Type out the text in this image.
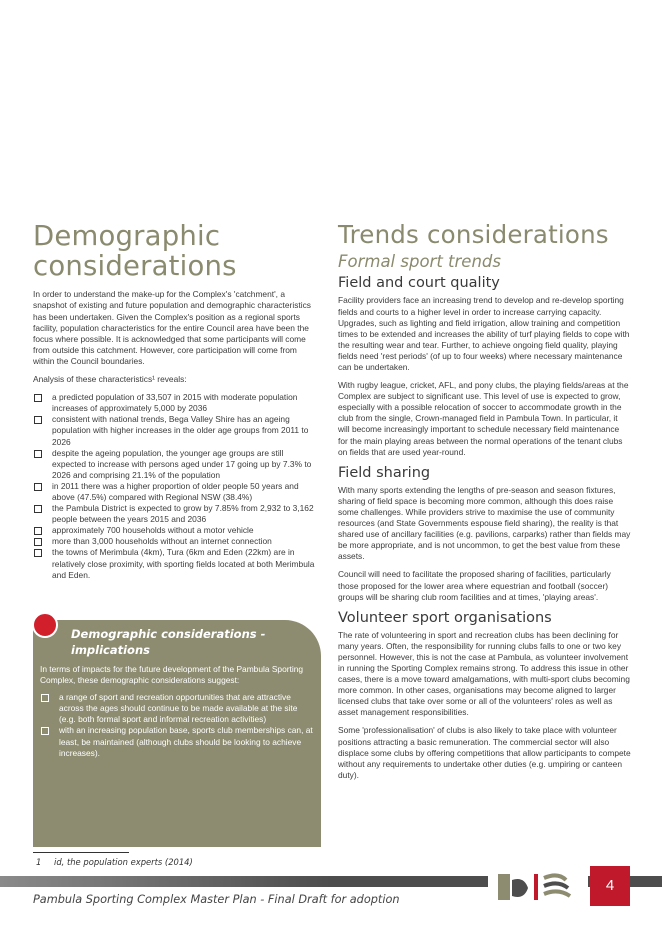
Demographic
considerations

In order to understand the make-up for the Complex's 'catchment', a snapshot of existing and future population and demographic characteristics has been undertaken. Given the Complex's position as a regional sports facility, population characteristics for the entire Council area have been the focus where possible. It is acknowledged that some participants will come from outside this catchment. However, core participation will come from within the Council boundaries.

Analysis of these characteristics¹ reveals:

a predicted population of 33,507 in 2015 with moderate population increases of approximately 5,000 by 2036
consistent with national trends, Bega Valley Shire has an ageing population with higher increases in the older age groups from 2011 to 2026
despite the ageing population, the younger age groups are still expected to increase with persons aged under 17 going up by 7.3% to 2026 and comprising 21.1% of the population
in 2011 there was a higher proportion of older people 50 years and above (47.5%) compared with Regional NSW (38.4%)
the Pambula District is expected to grow by 7.85% from 2,932 to 3,162 people between the years 2015 and 2036
approximately 700 households without a motor vehicle
more than 3,000 households without an internet connection
the towns of Merimbula (4km), Tura (6km and Eden (22km) are in relatively close proximity, with sporting fields located at both Merimbula and Eden.
Demographic considerations -
implications

In terms of impacts for the future development of the Pambula Sporting Complex, these demographic considerations suggest:

a range of sport and recreation opportunities that are attractive across the ages should continue to be made available at the site (e.g. both formal sport and informal recreation activities)
with an increasing population base, sports club memberships can, at least, be maintained (although clubs should be looking to achieve increases).
Trends considerations
Formal sport trends
Field and court quality

Facility providers face an increasing trend to develop and re-develop sporting fields and courts to a higher level in order to increase carrying capacity. Upgrades, such as lighting and field irrigation, allow training and competition times to be extended and increases the ability of turf playing fields to cope with the resulting wear and tear. Further, to achieve ongoing field quality, playing fields need 'rest periods' (of up to four weeks) where necessary maintenance can be undertaken.

With rugby league, cricket, AFL, and pony clubs, the playing fields/areas at the Complex are subject to significant use. This level of use is expected to grow, especially with a possible relocation of soccer to accommodate growth in the club from the single, Crown-managed field in Pambula Town. In particular, it will become increasingly important to schedule necessary field maintenance for the main playing areas between the normal operations of the tenant clubs on fields that are used year-round.

Field sharing

With many sports extending the lengths of pre-season and season fixtures, sharing of field space is becoming more common, although this does raise some challenges. While providers strive to maximise the use of community resources (and State Governments espouse field sharing), the reality is that shared use of ancillary facilities (e.g. pavilions, carparks) rather than fields may be more appropriate, and is not uncommon, to get the best value from these assets.

Council will need to facilitate the proposed sharing of facilities, particularly those proposed for the lower area where equestrian and football (soccer) groups will be sharing club room facilities and at times, 'playing areas'.

Volunteer sport organisations

The rate of volunteering in sport and recreation clubs has been declining for many years. Often, the responsibility for running clubs falls to one or two key personnel. However, this is not the case at Pambula, as volunteer involvement in running the Sporting Complex remains strong. To address this issue in other cases, there is a move toward amalgamations, with multi-sport clubs becoming more common. In other cases, organisations may become aligned to larger licensed clubs that take over some or all of the volunteers' roles as well as asset management responsibilities.

Some 'professionalisation' of clubs is also likely to take place with volunteer positions attracting a basic remuneration. The commercial sector will also displace some clubs by offering competitions that allow participants to compete without any requirements to undertake other duties (e.g. umpiring or canteen duty).

1 id, the population experts (2014)
4
Pambula Sporting Complex Master Plan - Final Draft for adoption
